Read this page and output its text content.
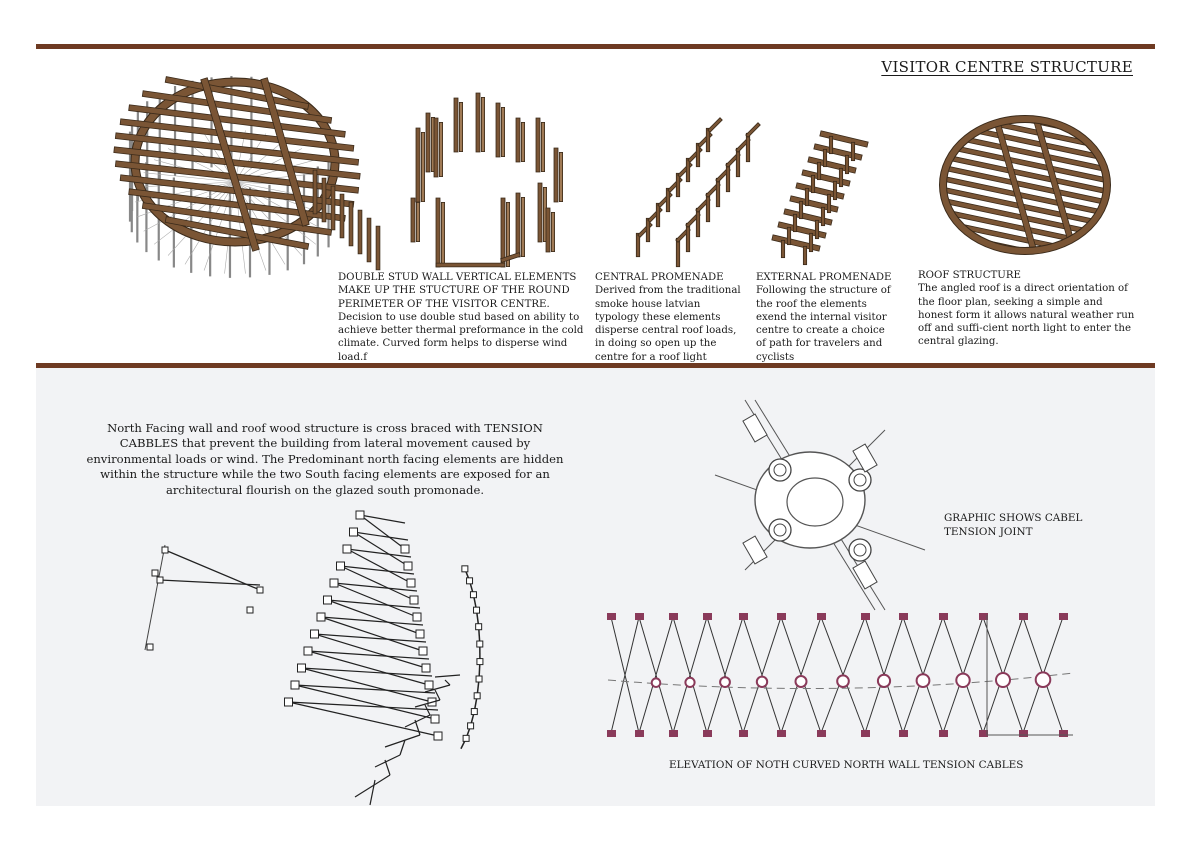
VISITOR CENTRE STRUCTURE
DOUBLE STUD WALL VERTICAL ELEMENTS MAKE UP THE STUCTURE OF THE ROUND PERIMETER OF THE VISITOR CENTRE.
Decision to use double stud based on ability to achieve better thermal preformance in the cold climate. Curved form helps to disperse wind load.f
CENTRAL PROMENADE
Derived from the traditional smoke house latvian typology these elements disperse central roof loads, in doing so open up the centre for a roof light
EXTERNAL PROMENADE
Following the structure of the roof the elements exend the internal visitor centre to create a choice of path for travelers and cyclists
ROOF STRUCTURE
The angled roof is a direct orientation of the floor plan, seeking a simple and honest form it allows natural weather run off and suffi-cient north light to enter the central glazing.
North Facing wall and roof wood structure is cross braced with TENSION CABBLES that prevent the building from lateral movement caused by environmental loads or wind. The Predominant north facing elements are hidden within the structure while the two South facing elements are exposed for an architectural flourish on the glazed south promonade.
GRAPHIC SHOWS CABEL TENSION JOINT
ELEVATION OF NOTH CURVED NORTH WALL TENSION CABLES
